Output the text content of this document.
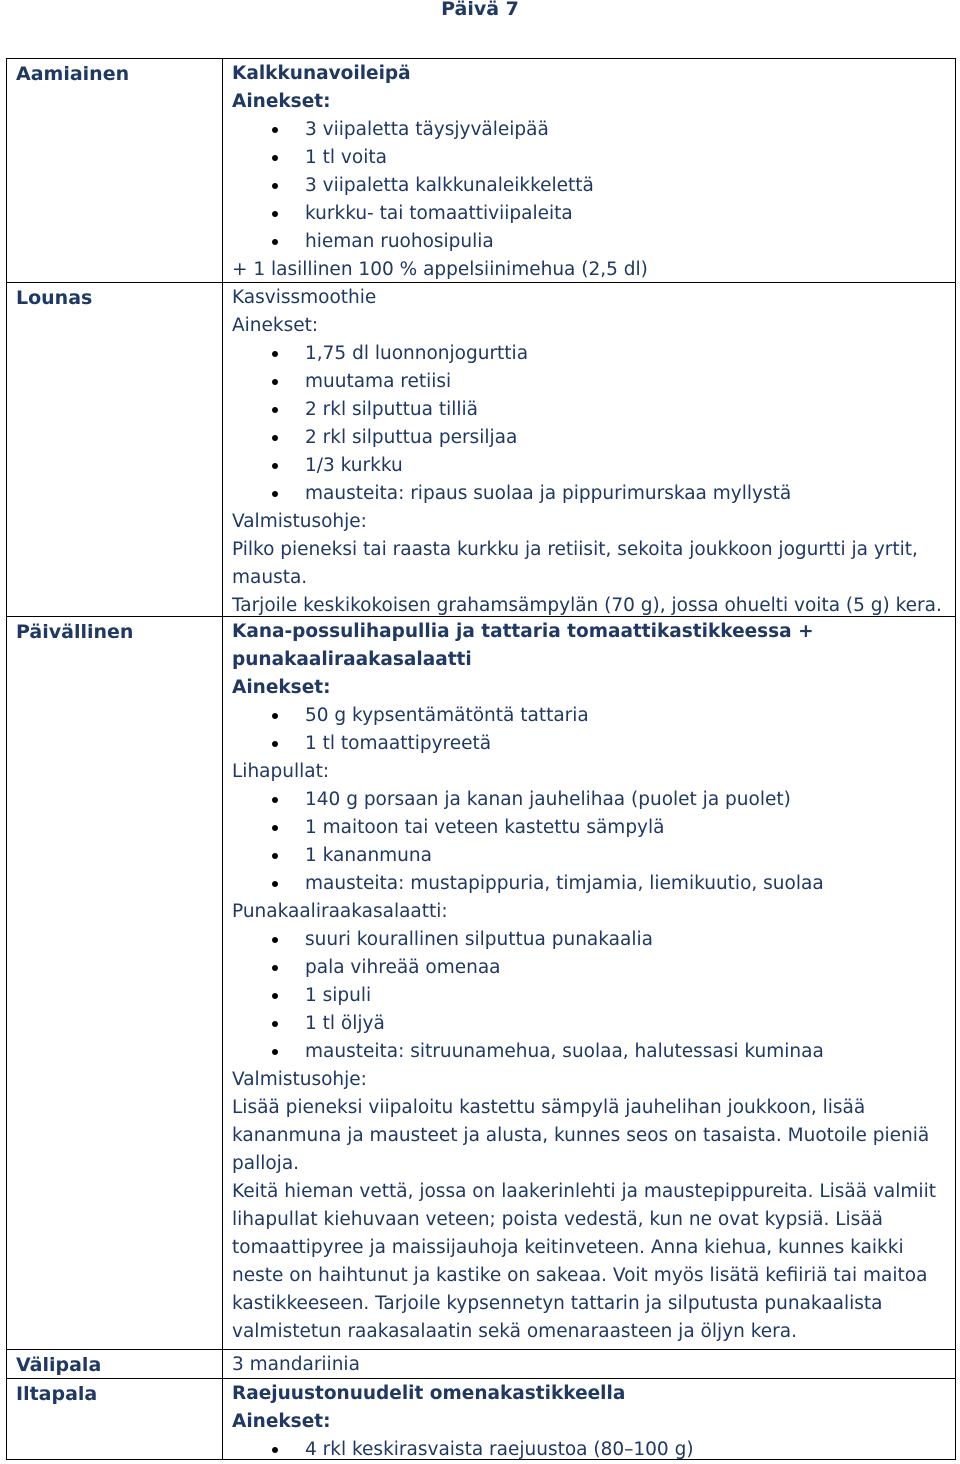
Päivä 7
Aamiainen
Lounas
Päivällinen
Välipala
Iltapala
Kalkkunavoileipä
Ainekset:
3 viipaletta täysjyväleipää
1 tl voita
3 viipaletta kalkkunaleikkelettä
kurkku- tai tomaattiviipaleita
hieman ruohosipulia
+ 1 lasillinen 100 % appelsiinimehua (2,5 dl)
Kasvissmoothie
Ainekset:
1,75 dl luonnonjogurttia
muutama retiisi
2 rkl silputtua tilliä
2 rkl silputtua persiljaa
1/3 kurkku
mausteita: ripaus suolaa ja pippurimurskaa myllystä
Valmistusohje:
Pilko pieneksi tai raasta kurkku ja retiisit, sekoita joukkoon jogurtti ja yrtit,
mausta.
Tarjoile keskikokoisen grahamsämpylän (70 g), jossa ohuelti voita (5 g) kera.
Kana-possulihapullia ja tattaria tomaattikastikkeessa +
punakaaliraakasalaatti
Ainekset:
50 g kypsentämätöntä tattaria
1 tl tomaattipyreetä
Lihapullat:
140 g porsaan ja kanan jauhelihaa (puolet ja puolet)
1 maitoon tai veteen kastettu sämpylä
1 kananmuna
mausteita: mustapippuria, timjamia, liemikuutio, suolaa
Punakaaliraakasalaatti:
suuri kourallinen silputtua punakaalia
pala vihreää omenaa
1 sipuli
1 tl öljyä
mausteita: sitruunamehua, suolaa, halutessasi kuminaa
Valmistusohje:
Lisää pieneksi viipaloitu kastettu sämpylä jauhelihan joukkoon, lisää
kananmuna ja mausteet ja alusta, kunnes seos on tasaista. Muotoile pieniä
palloja.
Keitä hieman vettä, jossa on laakerinlehti ja maustepippureita. Lisää valmiit
lihapullat kiehuvaan veteen; poista vedestä, kun ne ovat kypsiä. Lisää
tomaattipyree ja maissijauhoja keitinveteen. Anna kiehua, kunnes kaikki
neste on haihtunut ja kastike on sakeaa. Voit myös lisätä kefiiriä tai maitoa
kastikkeeseen. Tarjoile kypsennetyn tattarin ja silputusta punakaalista
valmistetun raakasalaatin sekä omenaraasteen ja öljyn kera.
3 mandariinia
Raejuustonuudelit omenakastikkeella
Ainekset:
4 rkl keskirasvaista raejuustoa (80–100 g)
